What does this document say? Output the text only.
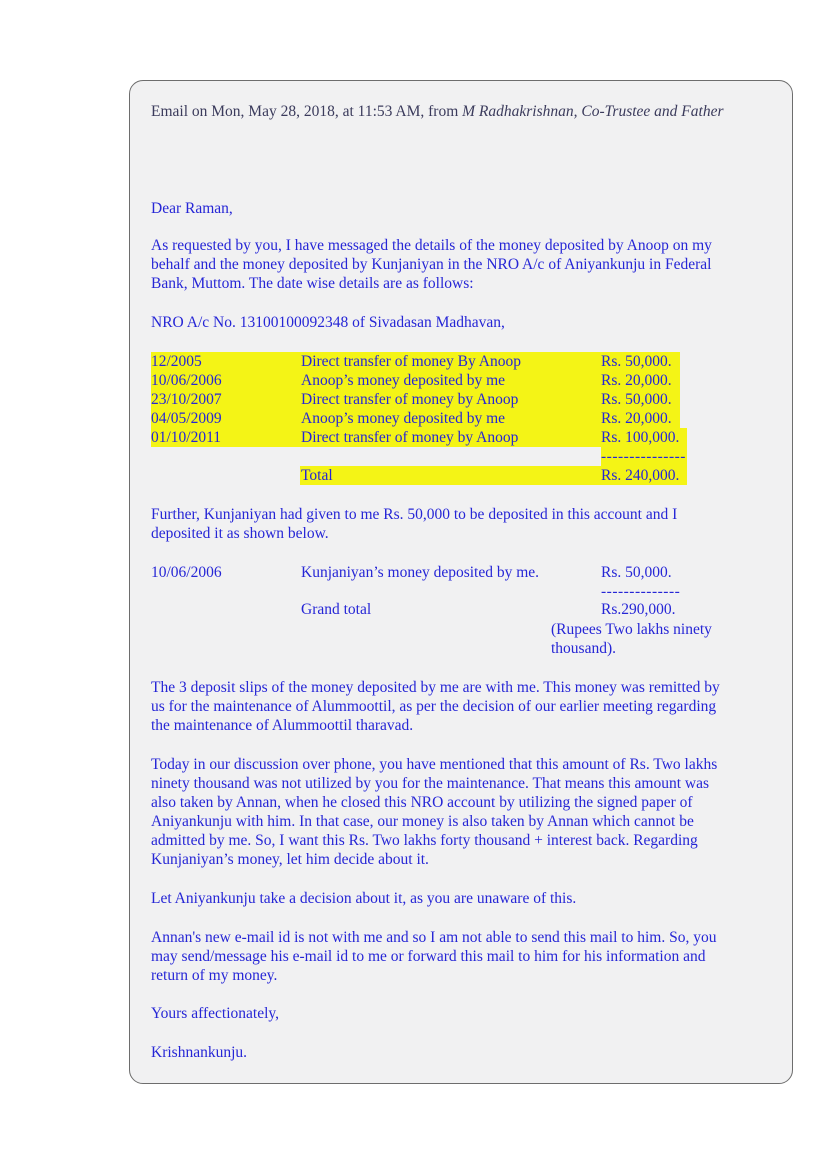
Email on Mon, May 28, 2018, at 11:53 AM, from M Radhakrishnan, Co-Trustee and Father
Dear Raman,
As requested by you, I have messaged the details of the money deposited by Anoop on my
behalf and the money deposited by Kunjaniyan in the NRO A/c of Aniyankunju in Federal
Bank, Muttom. The date wise details are as follows:
NRO A/c No. 13100100092348 of Sivadasan Madhavan,
12/2005	Direct transfer of money By Anoop	Rs. 50,000.
10/06/2006	Anoop’s money deposited by me	Rs. 20,000.
23/10/2007	Direct transfer of money by Anoop	Rs. 50,000.
04/05/2009	Anoop’s money deposited by me	Rs. 20,000.
01/10/2011	Direct transfer of money by Anoop	Rs. 100,000.
---------------
Total	Rs. 240,000.
Further, Kunjaniyan had given to me Rs. 50,000 to be deposited in this account and I
deposited it as shown below.
10/06/2006	Kunjaniyan’s money deposited by me.	Rs. 50,000.
--------------
Grand total	Rs.290,000.
(Rupees Two lakhs ninety
thousand).
The 3 deposit slips of the money deposited by me are with me. This money was remitted by
us for the maintenance of Alummoottil, as per the decision of our earlier meeting regarding
the maintenance of Alummoottil tharavad.
Today in our discussion over phone, you have mentioned that this amount of Rs. Two lakhs
ninety thousand was not utilized by you for the maintenance. That means this amount was
also taken by Annan, when he closed this NRO account by utilizing the signed paper of
Aniyankunju with him. In that case, our money is also taken by Annan which cannot be
admitted by me. So, I want this Rs. Two lakhs forty thousand + interest back. Regarding
Kunjaniyan’s money, let him decide about it.
Let Aniyankunju take a decision about it, as you are unaware of this.
Annan's new e-mail id is not with me and so I am not able to send this mail to him. So, you
may send/message his e-mail id to me or forward this mail to him for his information and
return of my money.
Yours affectionately,
Krishnankunju.
